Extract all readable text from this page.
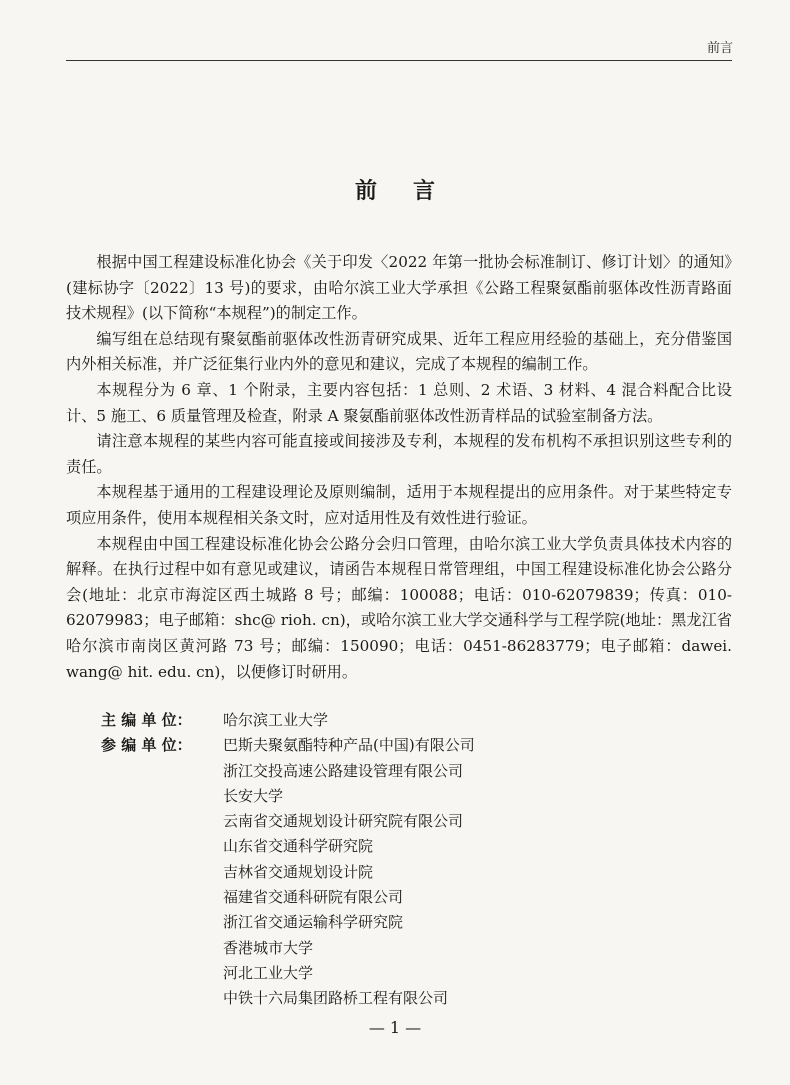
前言
前言

根据中国工程建设标准化协会《关于印发〈2022 年第一批协会标准制订、修订计划〉的通知》(建标协字〔2022〕13 号)的要求，由哈尔滨工业大学承担《公路工程聚氨酯前驱体改性沥青路面技术规程》(以下简称“本规程”)的制定工作。

编写组在总结现有聚氨酯前驱体改性沥青研究成果、近年工程应用经验的基础上，充分借鉴国内外相关标准，并广泛征集行业内外的意见和建议，完成了本规程的编制工作。

本规程分为 6 章、1 个附录，主要内容包括：1 总则、2 术语、3 材料、4 混合料配合比设计、5 施工、6 质量管理及检查，附录 A 聚氨酯前驱体改性沥青样品的试验室制备方法。

请注意本规程的某些内容可能直接或间接涉及专利，本规程的发布机构不承担识别这些专利的责任。

本规程基于通用的工程建设理论及原则编制，适用于本规程提出的应用条件。对于某些特定专项应用条件，使用本规程相关条文时，应对适用性及有效性进行验证。

本规程由中国工程建设标准化协会公路分会归口管理，由哈尔滨工业大学负责具体技术内容的解释。在执行过程中如有意见或建议，请函告本规程日常管理组，中国工程建设标准化协会公路分会(地址：北京市海淀区西土城路 8 号；邮编：100088；电话：010-62079839；传真：010-62079983；电子邮箱：shc@ rioh. cn)，或哈尔滨工业大学交通科学与工程学院(地址：黑龙江省哈尔滨市南岗区黄河路 73 号；邮编：150090；电话：0451-86283779；电子邮箱：dawei. wang@ hit. edu. cn)，以便修订时研用。

主 编 单 位：	哈尔滨工业大学
参 编 单 位：	巴斯夫聚氨酯特种产品(中国)有限公司
浙江交投高速公路建设管理有限公司
长安大学
云南省交通规划设计研究院有限公司
山东省交通科学研究院
吉林省交通规划设计院
福建省交通科研院有限公司
浙江省交通运输科学研究院
香港城市大学
河北工业大学
中铁十六局集团路桥工程有限公司
— 1 —
